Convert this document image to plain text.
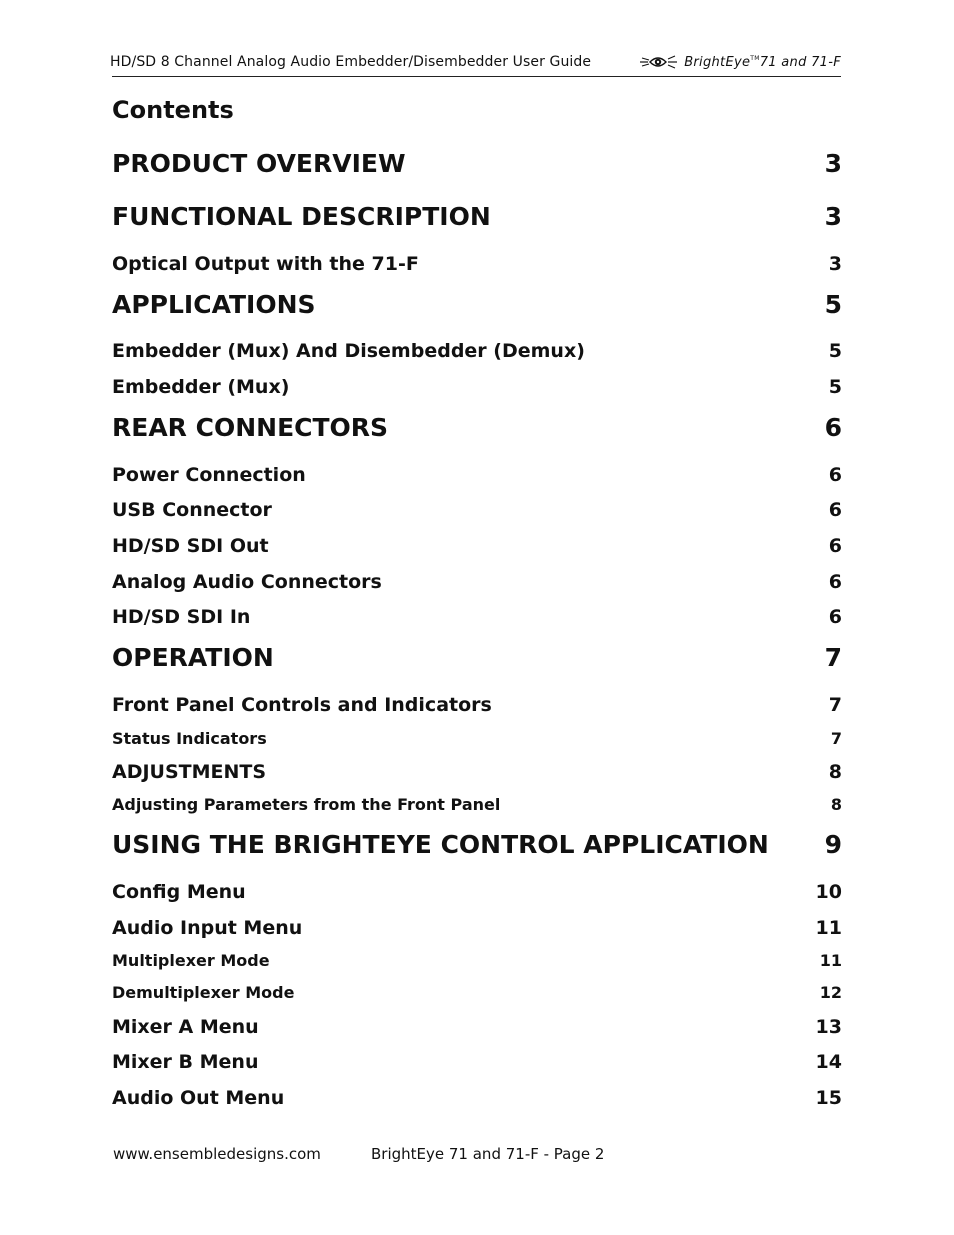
HD/SD 8 Channel Analog Audio Embedder/Disembedder User Guide	BrightEye™71 and 71-F
Contents
PRODUCT OVERVIEW	3
FUNCTIONAL DESCRIPTION	3
Optical Output with the 71-F	3
APPLICATIONS	5
Embedder (Mux) And Disembedder (Demux)	5
Embedder (Mux)	5
REAR CONNECTORS	6
Power Connection	6
USB Connector	6
HD/SD SDI Out	6
Analog Audio Connectors	6
HD/SD SDI In	6
OPERATION	7
Front Panel Controls and Indicators	7
Status Indicators	7
ADJUSTMENTS	8
Adjusting Parameters from the Front Panel	8
USING THE BRIGHTEYE CONTROL APPLICATION 9
Config Menu	10
Audio Input Menu	11
Multiplexer Mode	11
Demultiplexer Mode	12
Mixer A Menu	13
Mixer B Menu	14
Audio Out Menu	15
www.ensembledesigns.com	BrightEye 71 and 71-F - Page 2
